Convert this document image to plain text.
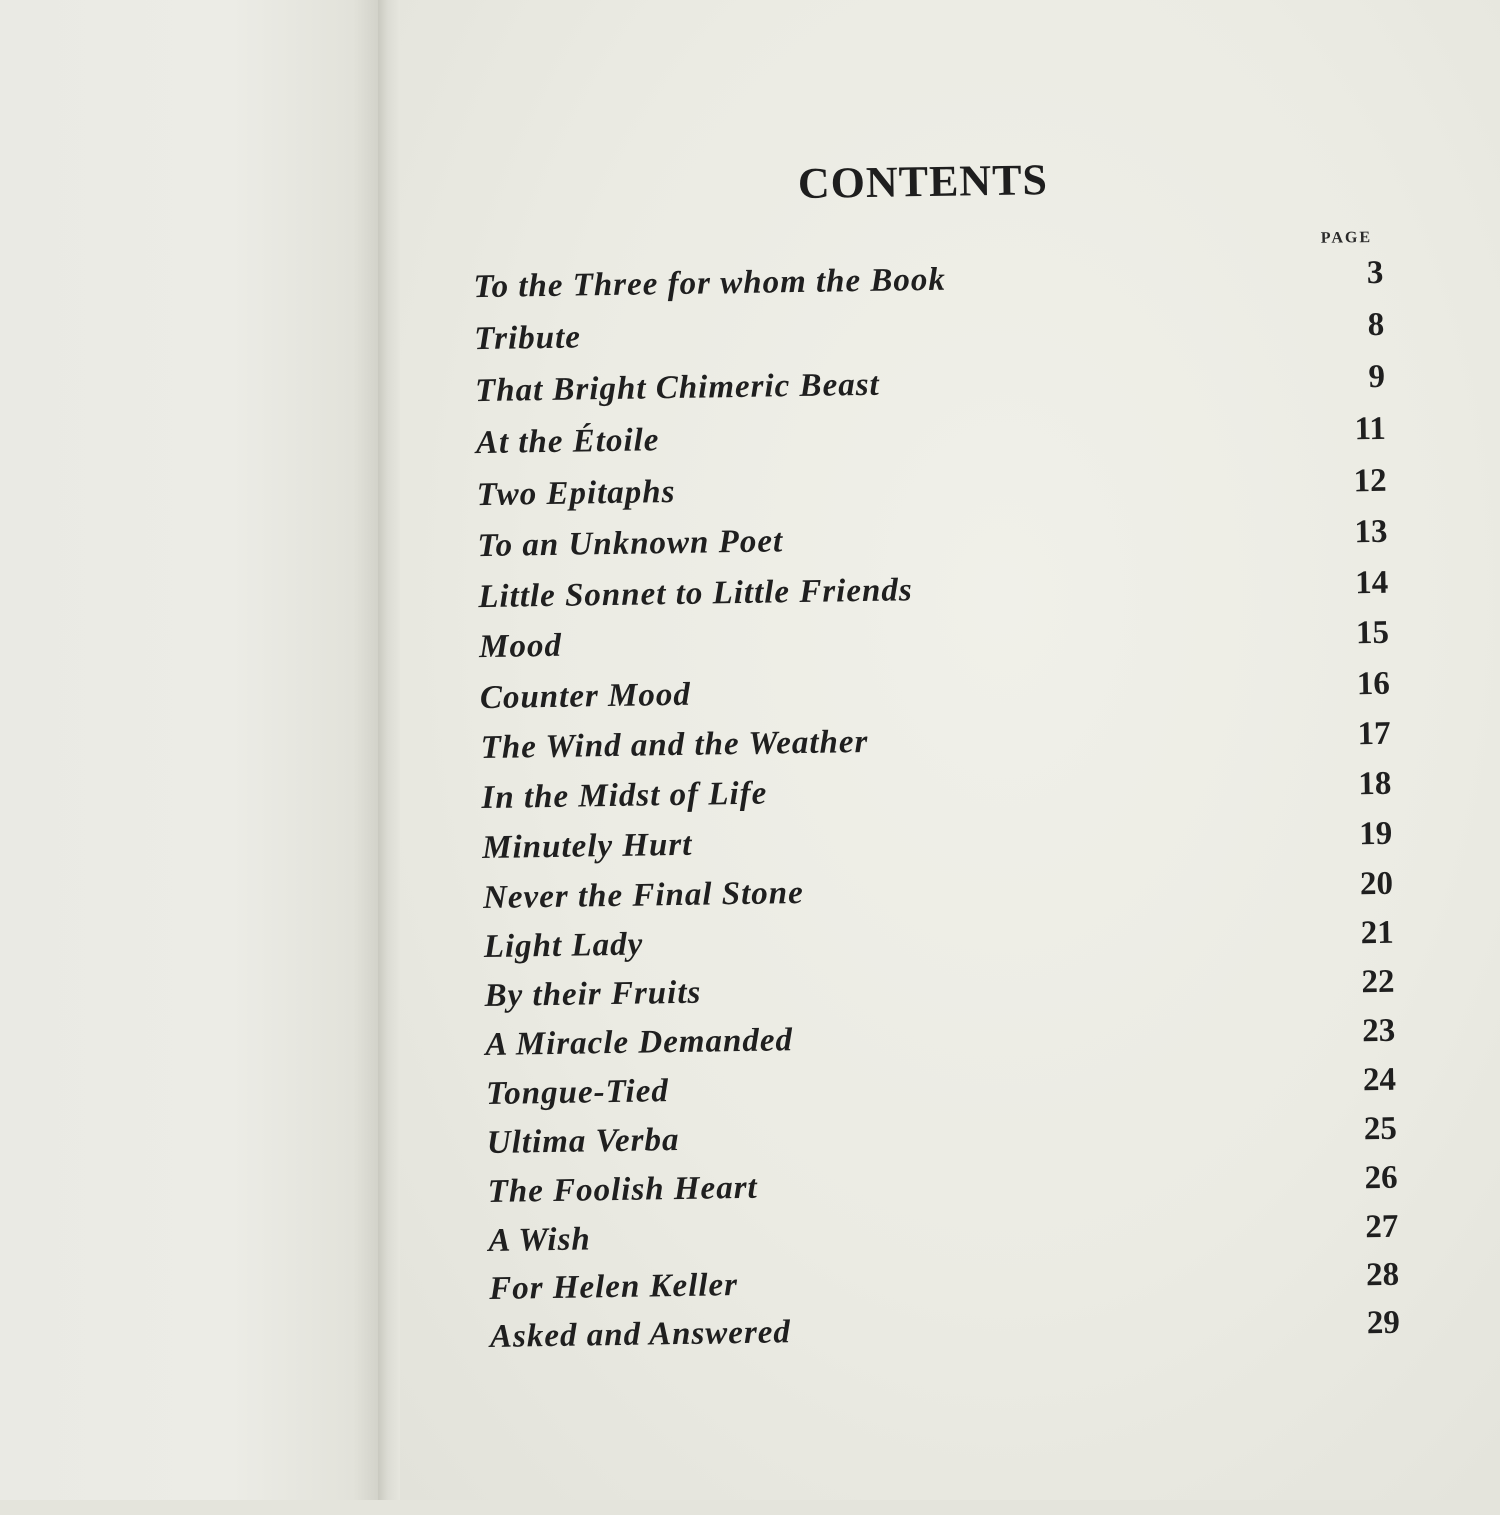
CONTENTS
PAGE
To the Three for whom the Book	3
Tribute	8
That Bright Chimeric Beast	9
At the Étoile	11
Two Epitaphs	12
To an Unknown Poet	13
Little Sonnet to Little Friends	14
Mood	15
Counter Mood	16
The Wind and the Weather	17
In the Midst of Life	18
Minutely Hurt	19
Never the Final Stone	20
Light Lady	21
By their Fruits	22
A Miracle Demanded	23
Tongue-Tied	24
Ultima Verba	25
The Foolish Heart	26
A Wish	27
For Helen Keller	28
Asked and Answered	29
